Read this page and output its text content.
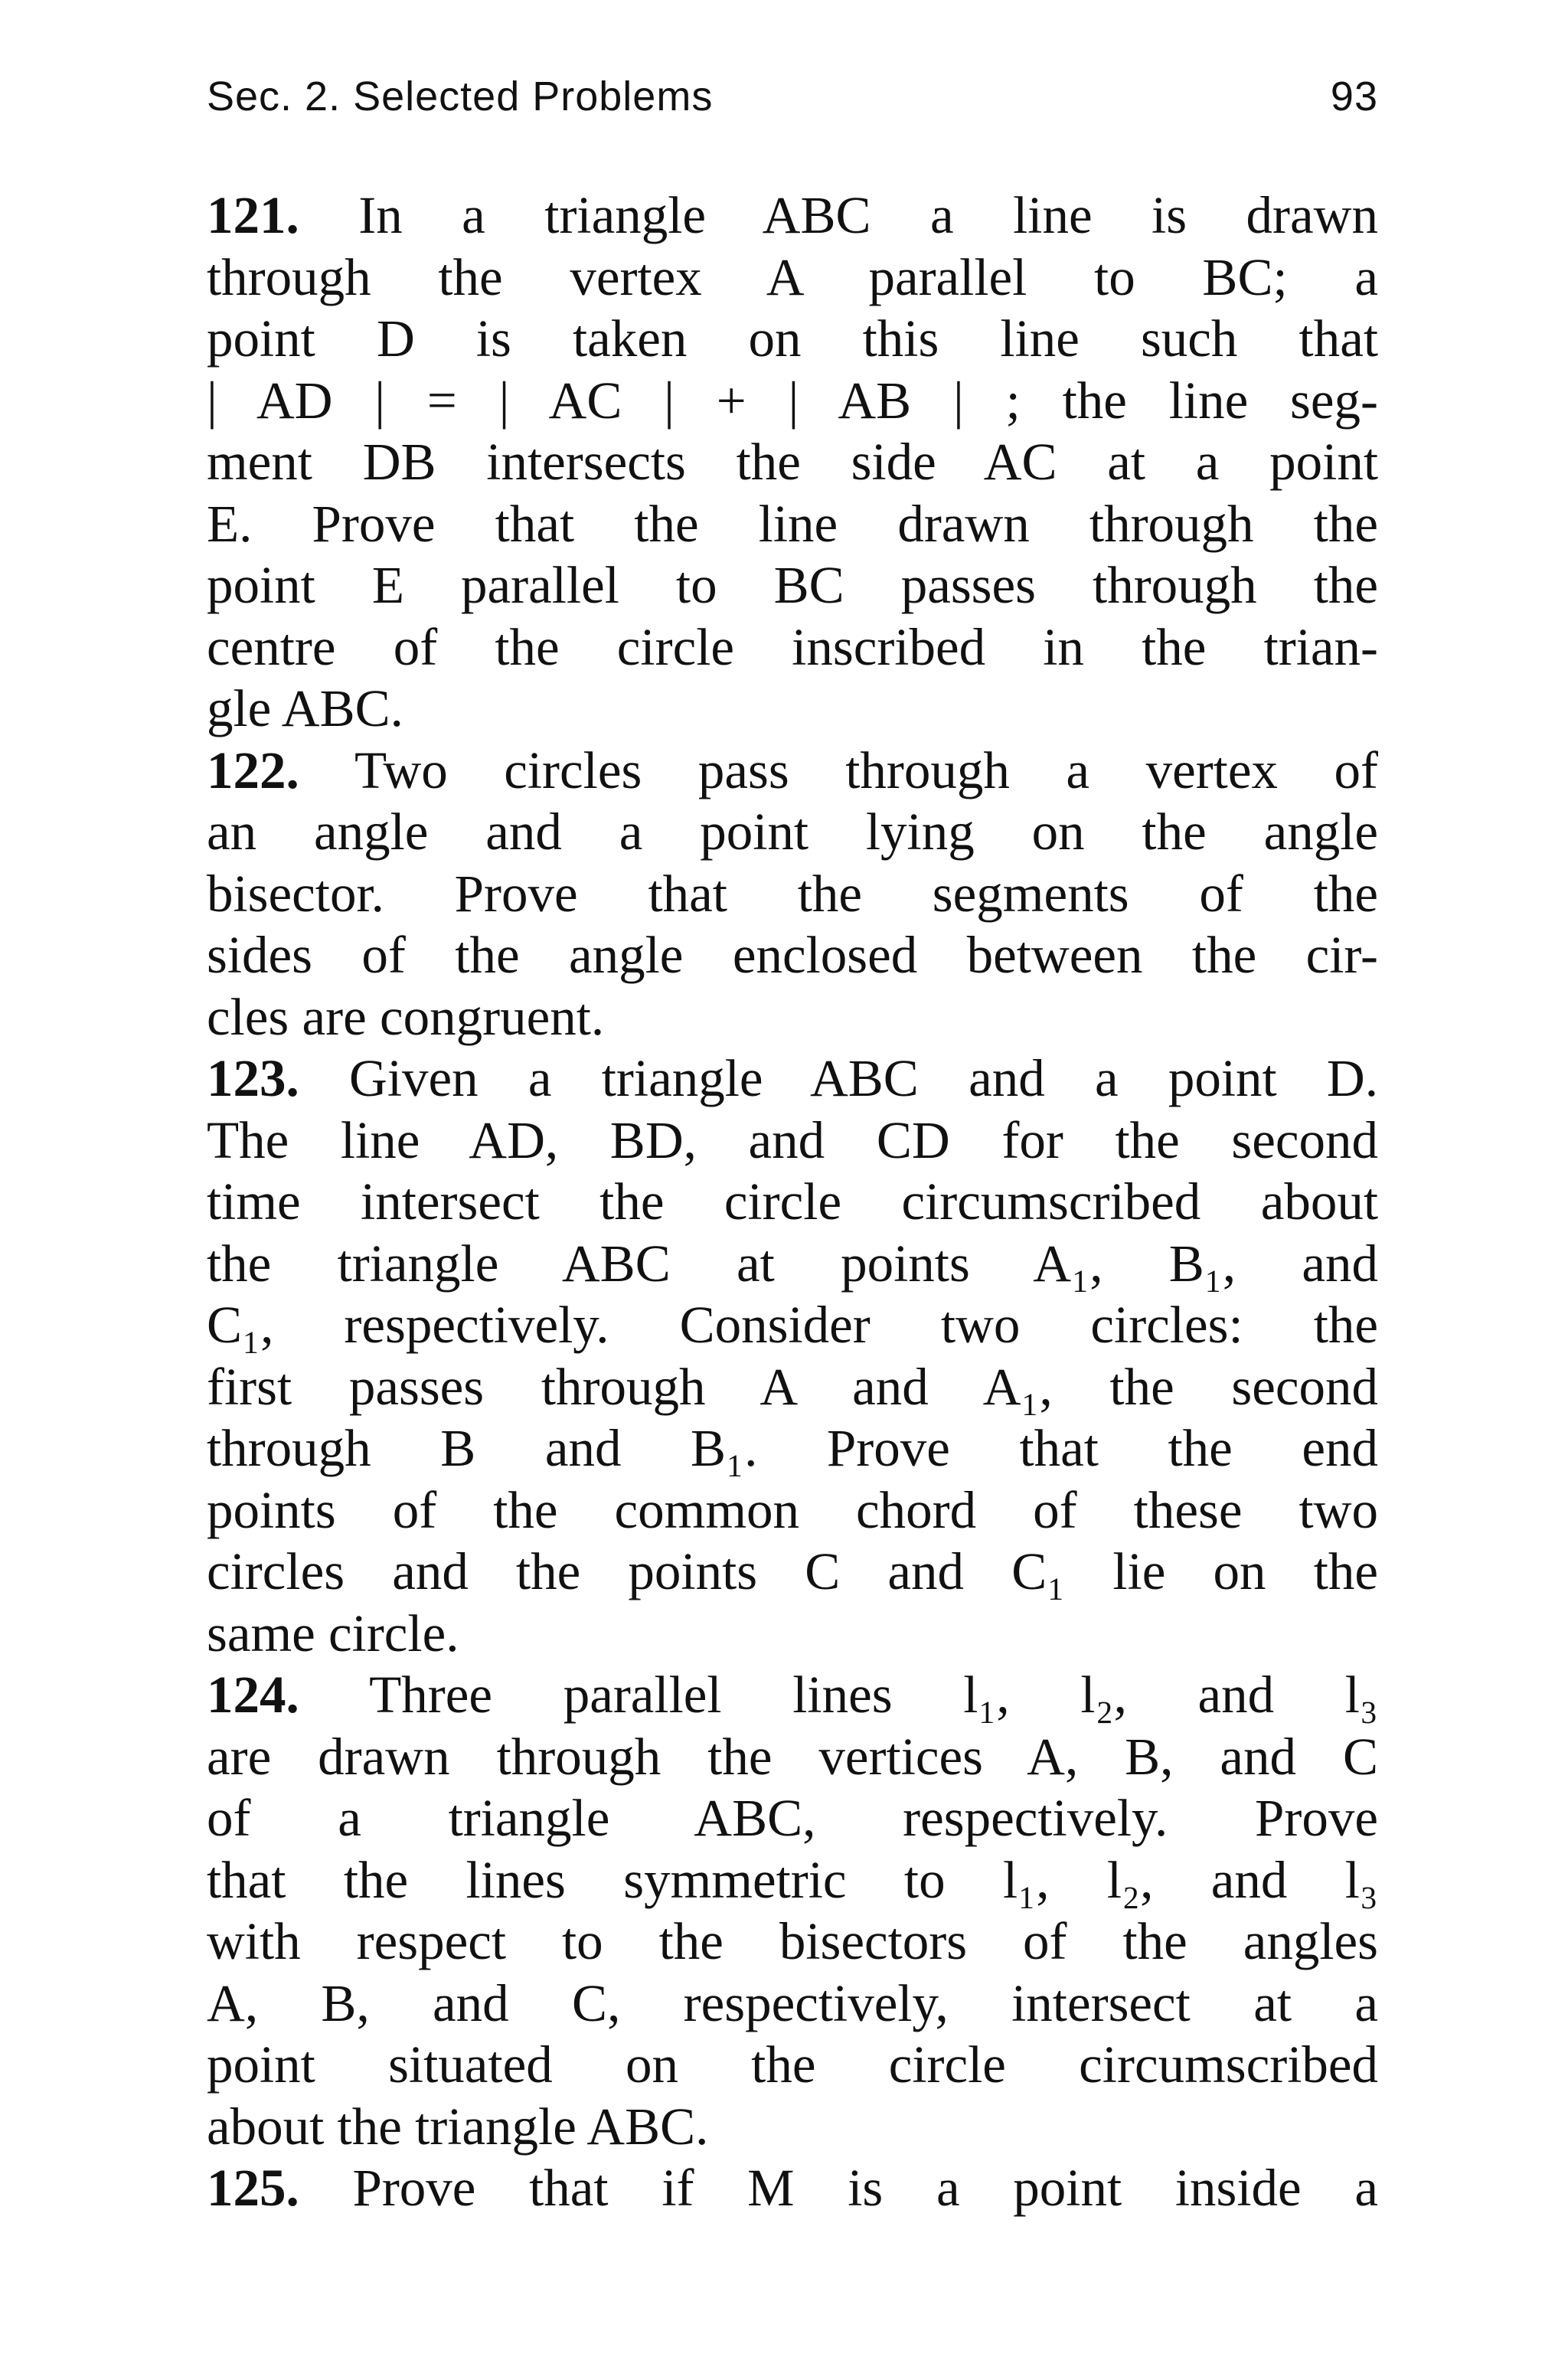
Sec. 2. Selected Problems	93
121. In a triangle ABC a line is drawn
through the vertex A parallel to BC; a
point D is taken on this line such that
| AD | = | AC | + | AB | ; the line seg-
ment DB intersects the side AC at a point
E. Prove that the line drawn through the
point E parallel to BC passes through the
centre of the circle inscribed in the trian-
gle ABC.
122. Two circles pass through a vertex of
an angle and a point lying on the angle
bisector. Prove that the segments of the
sides of the angle enclosed between the cir-
cles are congruent.
123. Given a triangle ABC and a point D.
The line AD, BD, and CD for the second
time intersect the circle circumscribed about
the triangle ABC at points A₁, B₁, and
C₁, respectively. Consider two circles: the
first passes through A and A₁, the second
through B and B₁. Prove that the end
points of the common chord of these two
circles and the points C and C₁ lie on the
same circle.
124. Three parallel lines l₁, l₂, and l₃
are drawn through the vertices A, B, and C
of a triangle ABC, respectively. Prove
that the lines symmetric to l₁, l₂, and l₃
with respect to the bisectors of the angles
A, B, and C, respectively, intersect at a
point situated on the circle circumscribed
about the triangle ABC.
125. Prove that if M is a point inside a
